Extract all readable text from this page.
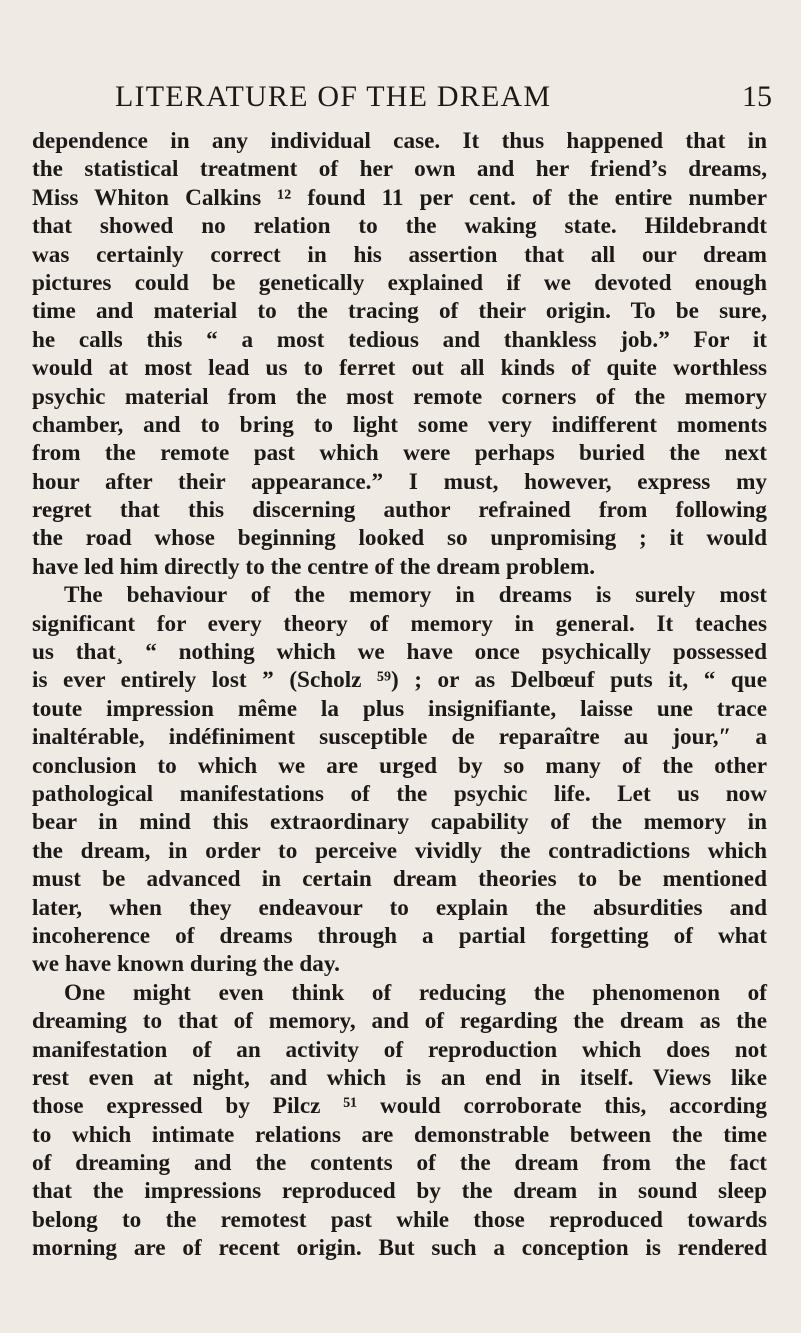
LITERATURE OF THE DREAM	15
dependence in any individual case. It thus happened that in
the statistical treatment of her own and her friend’s dreams,
Miss Whiton Calkins ¹² found 11 per cent. of the entire number
that showed no relation to the waking state. Hildebrandt
was certainly correct in his assertion that all our dream
pictures could be genetically explained if we devoted enough
time and material to the tracing of their origin. To be sure,
he calls this “ a most tedious and thankless job.” For it
would at most lead us to ferret out all kinds of quite worthless
psychic material from the most remote corners of the memory
chamber, and to bring to light some very indifferent moments
from the remote past which were perhaps buried the next
hour after their appearance.” I must, however, express my
regret that this discerning author refrained from following
the road whose beginning looked so unpromising ; it would
have led him directly to the centre of the dream problem.
The behaviour of the memory in dreams is surely most
significant for every theory of memory in general. It teaches
us that¸ “ nothing which we have once psychically possessed
is ever entirely lost ” (Scholz ⁵⁹) ; or as Delbœuf puts it, “ que
toute impression même la plus insignifiante, laisse une trace
inaltérable, indéfiniment susceptible de reparaître au jour,″ a
conclusion to which we are urged by so many of the other
pathological manifestations of the psychic life. Let us now
bear in mind this extraordinary capability of the memory in
the dream, in order to perceive vividly the contradictions which
must be advanced in certain dream theories to be mentioned
later, when they endeavour to explain the absurdities and
incoherence of dreams through a partial forgetting of what
we have known during the day.
One might even think of reducing the phenomenon of
dreaming to that of memory, and of regarding the dream as the
manifestation of an activity of reproduction which does not
rest even at night, and which is an end in itself. Views like
those expressed by Pilcz ⁵¹ would corroborate this, according
to which intimate relations are demonstrable between the time
of dreaming and the contents of the dream from the fact
that the impressions reproduced by the dream in sound sleep
belong to the remotest past while those reproduced towards
morning are of recent origin. But such a conception is rendered
